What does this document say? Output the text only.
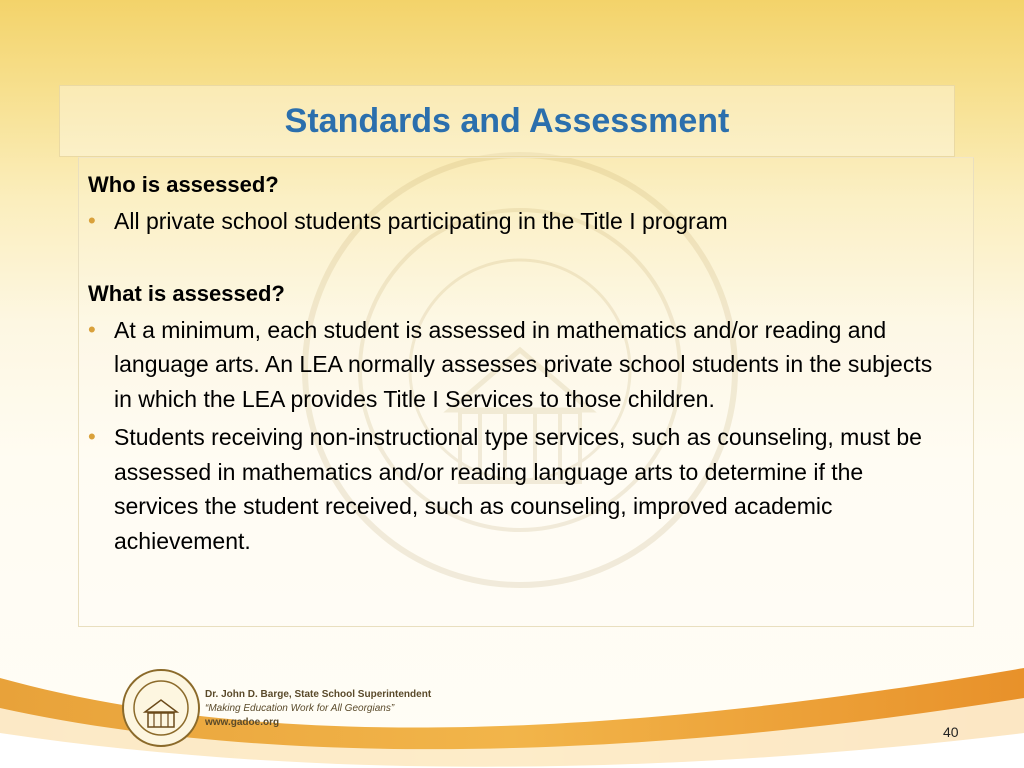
Standards and Assessment

Who is assessed?

• All private school students participating in the Title I program

What is assessed?

• At a minimum, each student is assessed in mathematics and/or reading and language arts. An LEA normally assesses private school students in the subjects in which the LEA provides Title I Services to those children.

• Students receiving non-instructional type services, such as counseling, must be assessed in mathematics and/or reading language arts to determine if the services the student received, such as counseling, improved academic achievement.

Dr. John D. Barge, State School Superintendent
“Making Education Work for All Georgians”
www.gadoe.org
40
